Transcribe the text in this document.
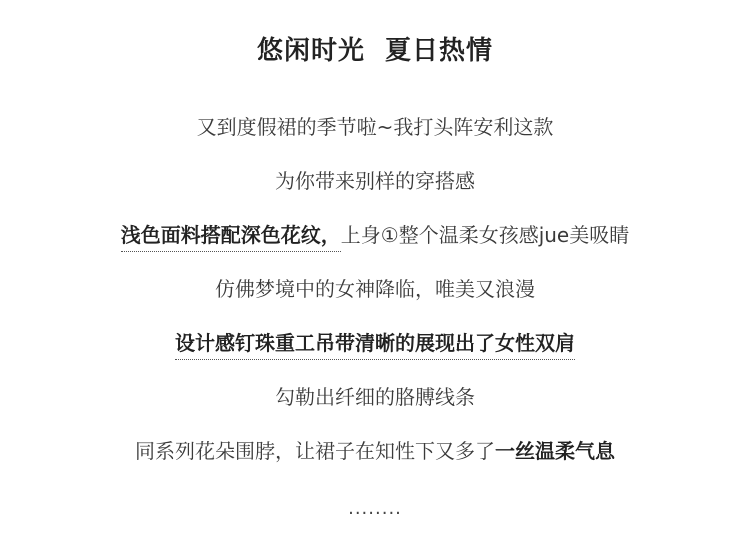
悠闲时光  夏日热情
又到度假裙的季节啦~我打头阵安利这款
为你带来别样的穿搭感
浅色面料搭配深色花纹，上身①整个温柔女孩感jue美吸睛
仿佛梦境中的女神降临，唯美又浪漫
设计感钉珠重工吊带清晰的展现出了女性双肩
勾勒出纤细的胳膊线条
同系列花朵围脖，让裙子在知性下又多了一丝温柔气息
........
